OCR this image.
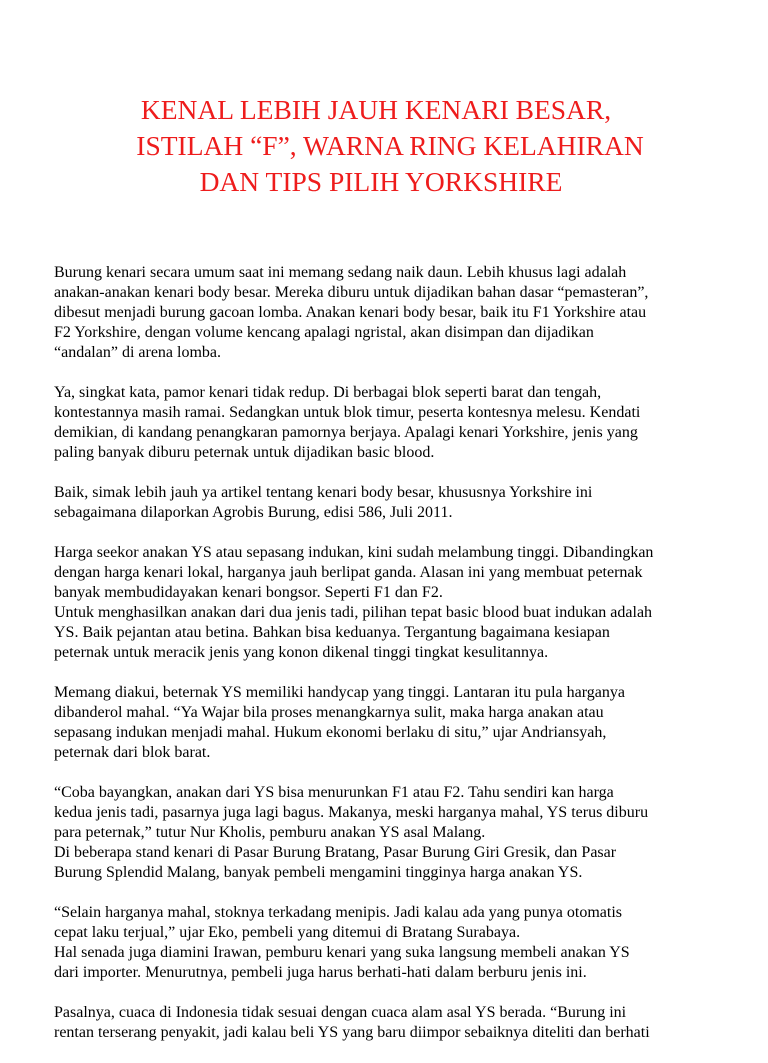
KENAL LEBIH JAUH KENARI BESAR,
ISTILAH “F”, WARNA RING KELAHIRAN
DAN TIPS PILIH YORKSHIRE

Burung kenari secara umum saat ini memang sedang naik daun. Lebih khusus lagi adalah
anakan-anakan kenari body besar. Mereka diburu untuk dijadikan bahan dasar “pemasteran”,
dibesut menjadi burung gacoan lomba. Anakan kenari body besar, baik itu F1 Yorkshire atau
F2 Yorkshire, dengan volume kencang apalagi ngristal, akan disimpan dan dijadikan
“andalan” di arena lomba.

Ya, singkat kata, pamor kenari tidak redup. Di berbagai blok seperti barat dan tengah,
kontestannya masih ramai. Sedangkan untuk blok timur, peserta kontesnya melesu. Kendati
demikian, di kandang penangkaran pamornya berjaya. Apalagi kenari Yorkshire, jenis yang
paling banyak diburu peternak untuk dijadikan basic blood.

Baik, simak lebih jauh ya artikel tentang kenari body besar, khususnya Yorkshire ini
sebagaimana dilaporkan Agrobis Burung, edisi 586, Juli 2011.

Harga seekor anakan YS atau sepasang indukan, kini sudah melambung tinggi. Dibandingkan
dengan harga kenari lokal, harganya jauh berlipat ganda. Alasan ini yang membuat peternak
banyak membudidayakan kenari bongsor. Seperti F1 dan F2.
Untuk menghasilkan anakan dari dua jenis tadi, pilihan tepat basic blood buat indukan adalah
YS. Baik pejantan atau betina. Bahkan bisa keduanya. Tergantung bagaimana kesiapan
peternak untuk meracik jenis yang konon dikenal tinggi tingkat kesulitannya.

Memang diakui, beternak YS memiliki handycap yang tinggi. Lantaran itu pula harganya
dibanderol mahal. “Ya Wajar bila proses menangkarnya sulit, maka harga anakan atau
sepasang indukan menjadi mahal. Hukum ekonomi berlaku di situ,” ujar Andriansyah,
peternak dari blok barat.

“Coba bayangkan, anakan dari YS bisa menurunkan F1 atau F2. Tahu sendiri kan harga
kedua jenis tadi, pasarnya juga lagi bagus. Makanya, meski harganya mahal, YS terus diburu
para peternak,” tutur Nur Kholis, pemburu anakan YS asal Malang.
Di beberapa stand kenari di Pasar Burung Bratang, Pasar Burung Giri Gresik, dan Pasar
Burung Splendid Malang, banyak pembeli mengamini tingginya harga anakan YS.

“Selain harganya mahal, stoknya terkadang menipis. Jadi kalau ada yang punya otomatis
cepat laku terjual,” ujar Eko, pembeli yang ditemui di Bratang Surabaya.
Hal senada juga diamini Irawan, pemburu kenari yang suka langsung membeli anakan YS
dari importer. Menurutnya, pembeli juga harus berhati-hati dalam berburu jenis ini.

Pasalnya, cuaca di Indonesia tidak sesuai dengan cuaca alam asal YS berada. “Burung ini
rentan terserang penyakit, jadi kalau beli YS yang baru diimpor sebaiknya diteliti dan berhati
